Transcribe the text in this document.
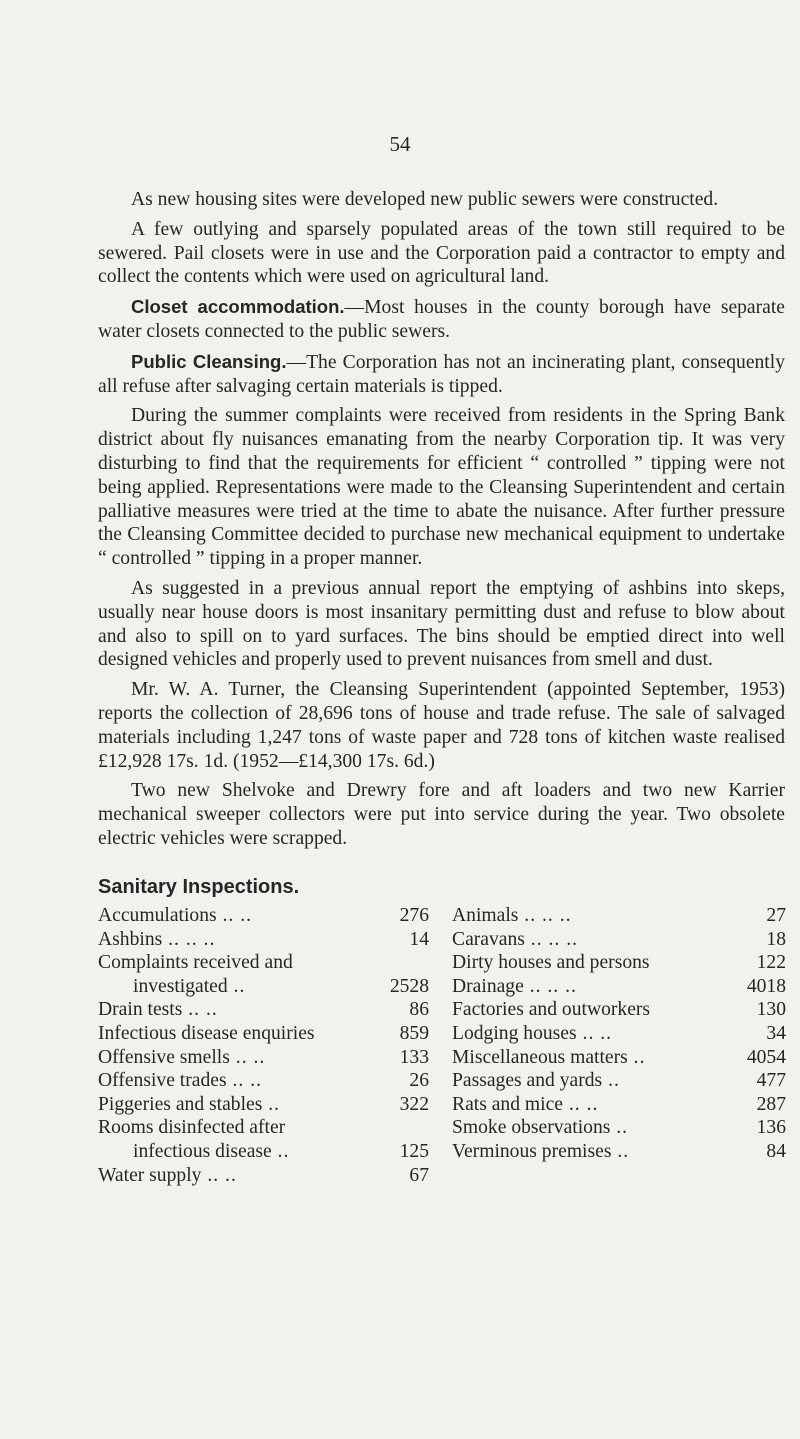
54

As new housing sites were developed new public sewers were constructed.

A few outlying and sparsely populated areas of the town still required to be sewered. Pail closets were in use and the Corporation paid a contractor to empty and collect the contents which were used on agricultural land.

Closet accommodation.—Most houses in the county borough have separate water closets connected to the public sewers.

Public Cleansing.—The Corporation has not an incinerating plant, consequently all refuse after salvaging certain materials is tipped.

During the summer complaints were received from residents in the Spring Bank district about fly nuisances emanating from the nearby Corporation tip. It was very disturbing to find that the requirements for efficient “ controlled ” tipping were not being applied. Representations were made to the Cleansing Superintendent and certain palliative measures were tried at the time to abate the nuisance. After further pressure the Cleansing Committee decided to purchase new mechanical equipment to undertake “ controlled ” tipping in a proper manner.

As suggested in a previous annual report the emptying of ashbins into skeps, usually near house doors is most insanitary permitting dust and refuse to blow about and also to spill on to yard surfaces. The bins should be emptied direct into well designed vehicles and properly used to prevent nuisances from smell and dust.

Mr. W. A. Turner, the Cleansing Superintendent (appointed September, 1953) reports the collection of 28,696 tons of house and trade refuse. The sale of salvaged materials including 1,247 tons of waste paper and 728 tons of kitchen waste realised £12,928 17s. 1d. (1952—£14,300 17s. 6d.)

Two new Shelvoke and Drewry fore and aft loaders and two new Karrier mechanical sweeper collectors were put into service during the year. Two obsolete electric vehicles were scrapped.

Sanitary Inspections.
Accumulations .. ..	276
Ashbins .. .. ..	14
Complaints received and
investigated ..	2528
Drain tests .. ..	86
Infectious disease enquiries	859
Offensive smells .. ..	133
Offensive trades .. ..	26
Piggeries and stables ..	322
Rooms disinfected after
infectious disease ..	125
Water supply .. ..	67
Animals .. .. ..	27
Caravans .. .. ..	18
Dirty houses and persons	122
Drainage .. .. ..	4018
Factories and outworkers	130
Lodging houses .. ..	34
Miscellaneous matters ..	4054
Passages and yards ..	477
Rats and mice .. ..	287
Smoke observations ..	136
Verminous premises ..	84
